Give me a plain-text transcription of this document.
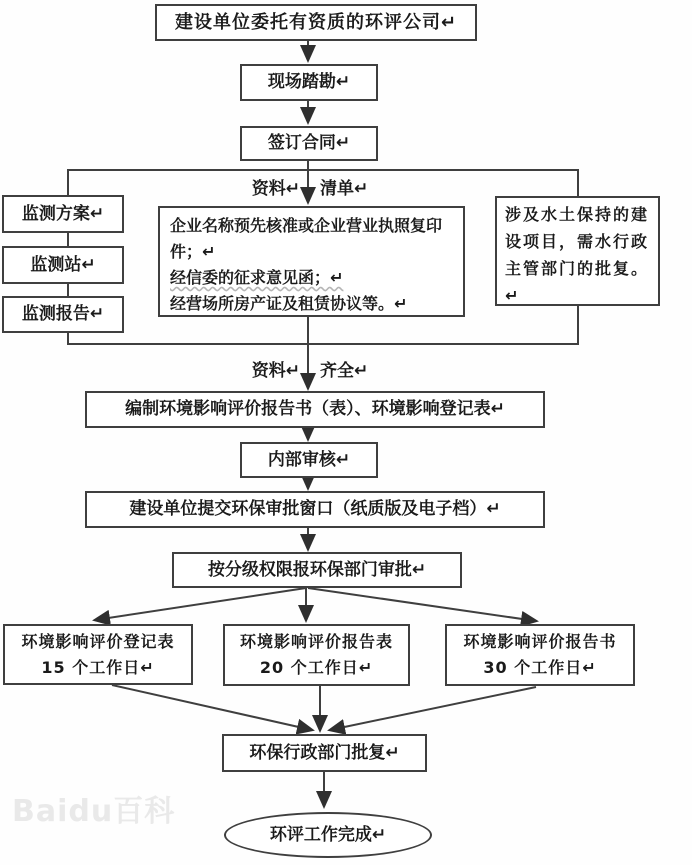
Baidu百科
建设单位委托有资质的环评公司↵
现场踏勘↵
签订合同↵
资料↵ 清单↵
监测方案↵
监测站↵
监测报告↵
企业名称预先核准或企业营业执照复印件；↵
经信委的征求意见函；↵
经营场所房产证及租赁协议等。↵
涉及水土保持的建设项目，需水行政主管部门的批复。↵
资料↵ 齐全↵
编制环境影响评价报告书（表）、环境影响登记表↵
内部审核↵
建设单位提交环保审批窗口（纸质版及电子档）↵
按分级权限报环保部门审批↵
环境影响评价登记表 15 个工作日↵
环境影响评价报告表 20 个工作日↵
环境影响评价报告书 30 个工作日↵
环保行政部门批复↵
环评工作完成↵
